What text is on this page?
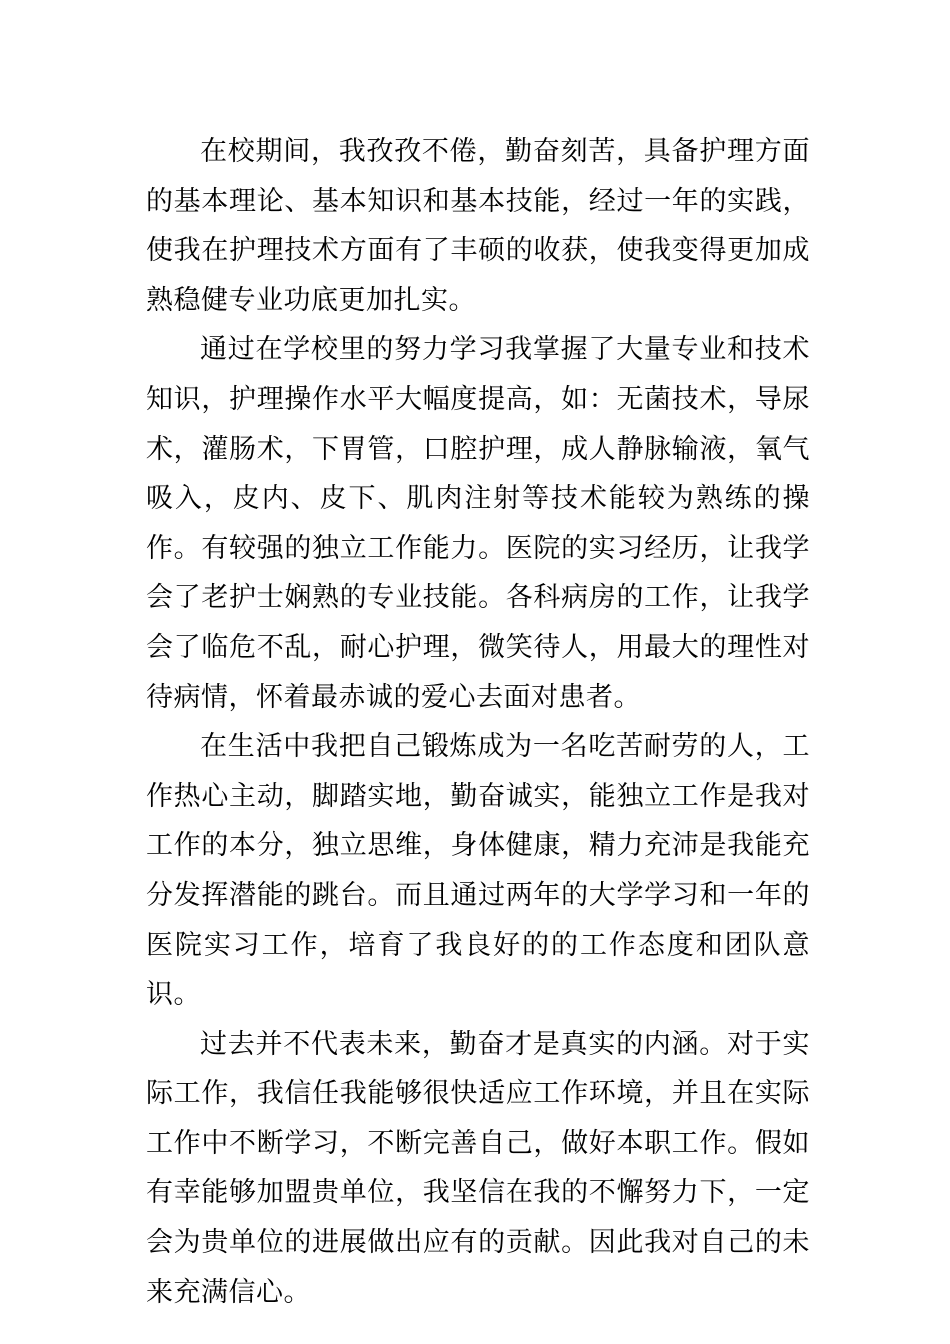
在校期间，我孜孜不倦，勤奋刻苦，具备护理方面的基本理论、基本知识和基本技能，经过一年的实践，使我在护理技术方面有了丰硕的收获，使我变得更加成熟稳健专业功底更加扎实。

通过在学校里的努力学习我掌握了大量专业和技术知识，护理操作水平大幅度提高，如：无菌技术，导尿术，灌肠术，下胃管，口腔护理，成人静脉输液，氧气吸入，皮内、皮下、肌肉注射等技术能较为熟练的操作。有较强的独立工作能力。医院的实习经历，让我学会了老护士娴熟的专业技能。各科病房的工作，让我学会了临危不乱，耐心护理，微笑待人，用最大的理性对待病情，怀着最赤诚的爱心去面对患者。

在生活中我把自己锻炼成为一名吃苦耐劳的人，工作热心主动，脚踏实地，勤奋诚实，能独立工作是我对工作的本分，独立思维，身体健康，精力充沛是我能充分发挥潜能的跳台。而且通过两年的大学学习和一年的医院实习工作，培育了我良好的的工作态度和团队意识。

过去并不代表未来，勤奋才是真实的内涵。对于实际工作，我信任我能够很快适应工作环境，并且在实际工作中不断学习，不断完善自己，做好本职工作。假如有幸能够加盟贵单位，我坚信在我的不懈努力下，一定会为贵单位的进展做出应有的贡献。因此我对自己的未来充满信心。
